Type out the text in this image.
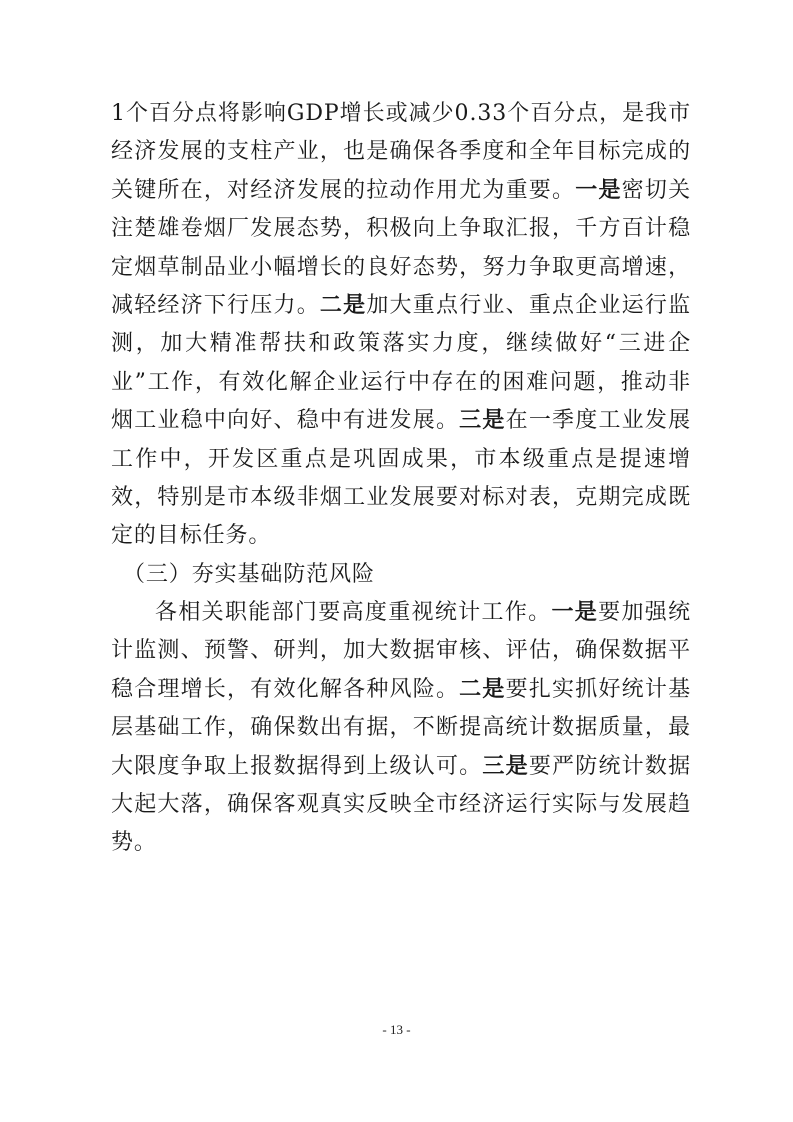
1个百分点将影响GDP增长或减少0.33个百分点，是我市经济发展的支柱产业，也是确保各季度和全年目标完成的关键所在，对经济发展的拉动作用尤为重要。一是密切关注楚雄卷烟厂发展态势，积极向上争取汇报，千方百计稳定烟草制品业小幅增长的良好态势，努力争取更高增速，减轻经济下行压力。二是加大重点行业、重点企业运行监测，加大精准帮扶和政策落实力度，继续做好“三进企业”工作，有效化解企业运行中存在的困难问题，推动非烟工业稳中向好、稳中有进发展。三是在一季度工业发展工作中，开发区重点是巩固成果，市本级重点是提速增效，特别是市本级非烟工业发展要对标对表，克期完成既定的目标任务。
（三）夯实基础防范风险
各相关职能部门要高度重视统计工作。一是要加强统计监测、预警、研判，加大数据审核、评估，确保数据平稳合理增长，有效化解各种风险。二是要扎实抓好统计基层基础工作，确保数出有据，不断提高统计数据质量，最大限度争取上报数据得到上级认可。三是要严防统计数据大起大落，确保客观真实反映全市经济运行实际与发展趋势。
- 13 -
